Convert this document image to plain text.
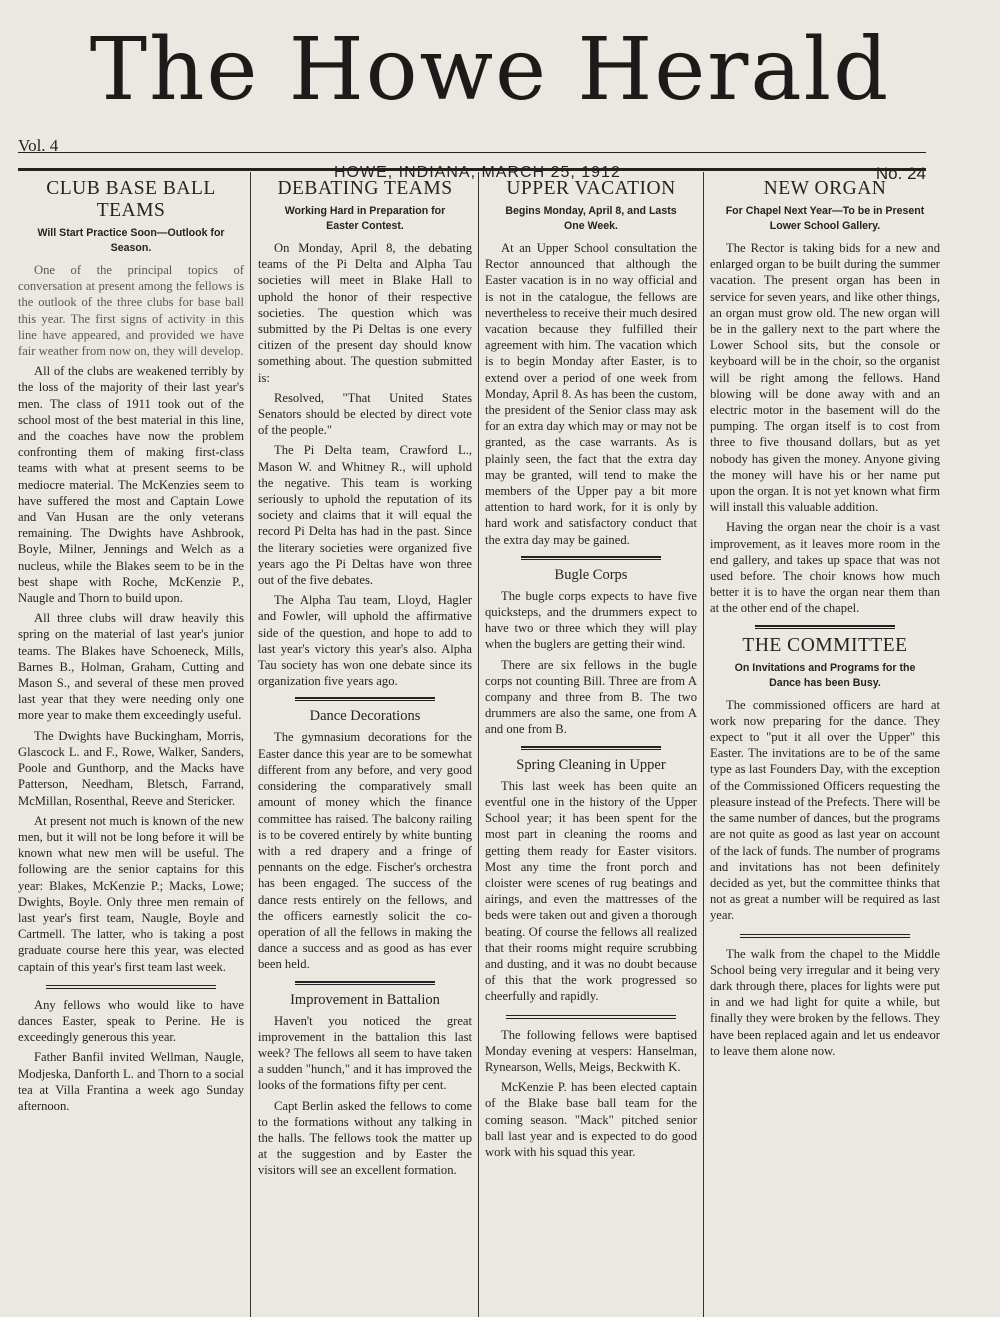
The Howe Herald
Vol. 4
HOWE, INDIANA, MARCH 25, 1912	No. 24
CLUB BASE BALL TEAMS
Will Start Practice Soon—Outlook for Season.

One of the principal topics of conversation at present among the fellows is the outlook of the three clubs for base ball this year. The first signs of activity in this line have appeared, and provided we have fair weather from now on, they will develop.

All of the clubs are weakened terribly by the loss of the majority of their last year's men. The class of 1911 took out of the school most of the best material in this line, and the coaches have now the problem confronting them of making first-class teams with what at present seems to be mediocre material. The McKenzies seem to have suffered the most and Captain Lowe and Van Husan are the only veterans remaining. The Dwights have Ashbrook, Boyle, Milner, Jennings and Welch as a nucleus, while the Blakes seem to be in the best shape with Roche, McKenzie P., Naugle and Thorn to build upon.

All three clubs will draw heavily this spring on the material of last year's junior teams. The Blakes have Schoeneck, Mills, Barnes B., Holman, Graham, Cutting and Mason S., and several of these men proved last year that they were needing only one more year to make them exceedingly useful.

The Dwights have Buckingham, Morris, Glascock L. and F., Rowe, Walker, Sanders, Poole and Gunthorp, and the Macks have Patterson, Needham, Bletsch, Farrand, McMillan, Rosenthal, Reeve and Stericker.

At present not much is known of the new men, but it will not be long before it will be known what new men will be useful. The following are the senior captains for this year: Blakes, McKenzie P.; Macks, Lowe; Dwights, Boyle. Only three men remain of last year's first team, Naugle, Boyle and Cartmell. The latter, who is taking a post graduate course here this year, was elected captain of this year's first team last week.

Any fellows who would like to have dances Easter, speak to Perine. He is exceedingly generous this year.

Father Banfil invited Wellman, Naugle, Modjeska, Danforth L. and Thorn to a social tea at Villa Frantina a week ago Sunday afternoon.

DEBATING TEAMS
Working Hard in Preparation for Easter Contest.

On Monday, April 8, the debating teams of the Pi Delta and Alpha Tau societies will meet in Blake Hall to uphold the honor of their respective societies. The question which was submitted by the Pi Deltas is one every citizen of the present day should know something about. The question submitted is:

Resolved, "That United States Senators should be elected by direct vote of the people."

The Pi Delta team, Crawford L., Mason W. and Whitney R., will uphold the negative. This team is working seriously to uphold the reputation of its society and claims that it will equal the record Pi Delta has had in the past. Since the literary societies were organized five years ago the Pi Deltas have won three out of the five debates.

The Alpha Tau team, Lloyd, Hagler and Fowler, will uphold the affirmative side of the question, and hope to add to last year's victory this year's also. Alpha Tau society has won one debate since its organization five years ago.

Dance Decorations

The gymnasium decorations for the Easter dance this year are to be somewhat different from any before, and very good considering the comparatively small amount of money which the finance committee has raised. The balcony railing is to be covered entirely by white bunting with a red drapery and a fringe of pennants on the edge. Fischer's orchestra has been engaged. The success of the dance rests entirely on the fellows, and the officers earnestly solicit the co-operation of all the fellows in making the dance a success and as good as has ever been held.

Improvement in Battalion

Haven't you noticed the great improvement in the battalion this last week? The fellows all seem to have taken a sudden "hunch," and it has improved the looks of the formations fifty per cent.

Capt Berlin asked the fellows to come to the formations without any talking in the halls. The fellows took the matter up at the suggestion and by Easter the visitors will see an excellent formation.

UPPER VACATION
Begins Monday, April 8, and Lasts One Week.

At an Upper School consultation the Rector announced that although the Easter vacation is in no way official and is not in the catalogue, the fellows are nevertheless to receive their much desired vacation because they fulfilled their agreement with him. The vacation which is to begin Monday after Easter, is to extend over a period of one week from Monday, April 8. As has been the custom, the president of the Senior class may ask for an extra day which may or may not be granted, as the case warrants. As is plainly seen, the fact that the extra day may be granted, will tend to make the members of the Upper pay a bit more attention to hard work, for it is only by hard work and satisfactory conduct that the extra day may be gained.

Bugle Corps

The bugle corps expects to have five quicksteps, and the drummers expect to have two or three which they will play when the buglers are getting their wind.

There are six fellows in the bugle corps not counting Bill. Three are from A company and three from B. The two drummers are also the same, one from A and one from B.

Spring Cleaning in Upper

This last week has been quite an eventful one in the history of the Upper School year; it has been spent for the most part in cleaning the rooms and getting them ready for Easter visitors. Most any time the front porch and cloister were scenes of rug beatings and airings, and even the mattresses of the beds were taken out and given a thorough beating. Of course the fellows all realized that their rooms might require scrubbing and dusting, and it was no doubt because of this that the work progressed so cheerfully and rapidly.

The following fellows were baptised Monday evening at vespers: Hanselman, Rynearson, Wells, Meigs, Beckwith K.

McKenzie P. has been elected captain of the Blake base ball team for the coming season. "Mack" pitched senior ball last year and is expected to do good work with his squad this year.

NEW ORGAN
For Chapel Next Year—To be in Present Lower School Gallery.

The Rector is taking bids for a new and enlarged organ to be built during the summer vacation. The present organ has been in service for seven years, and like other things, an organ must grow old. The new organ will be in the gallery next to the part where the Lower School sits, but the console or keyboard will be in the choir, so the organist will be right among the fellows. Hand blowing will be done away with and an electric motor in the basement will do the pumping. The organ itself is to cost from three to five thousand dollars, but as yet nobody has given the money. Anyone giving the money will have his or her name put upon the organ. It is not yet known what firm will install this valuable addition.

Having the organ near the choir is a vast improvement, as it leaves more room in the end gallery, and takes up space that was not used before. The choir knows how much better it is to have the organ near them than at the other end of the chapel.

THE COMMITTEE
On Invitations and Programs for the Dance has been Busy.

The commissioned officers are hard at work now preparing for the dance. They expect to "put it all over the Upper" this Easter. The invitations are to be of the same type as last Founders Day, with the exception of the Commissioned Officers requesting the pleasure instead of the Prefects. There will be the same number of dances, but the programs are not quite as good as last year on account of the lack of funds. The number of programs and invitations has not been definitely decided as yet, but the committee thinks that not as great a number will be required as last year.

The walk from the chapel to the Middle School being very irregular and it being very dark through there, places for lights were put in and we had light for quite a while, but finally they were broken by the fellows. They have been replaced again and let us endeavor to leave them alone now.
